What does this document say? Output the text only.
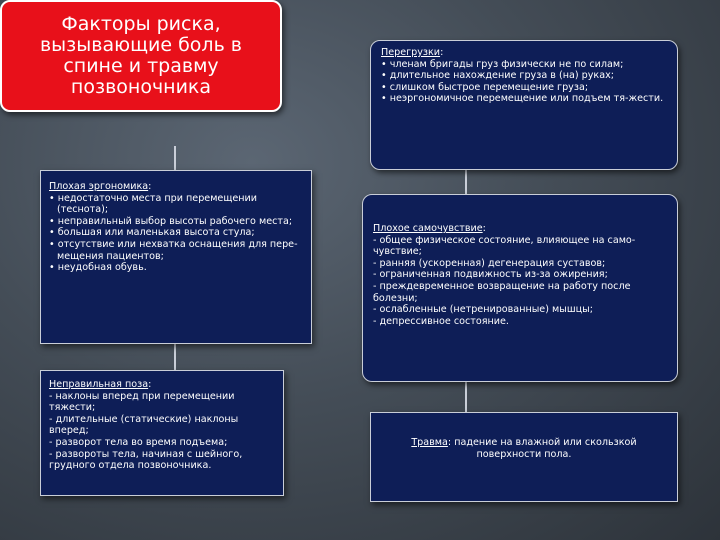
Факторы риска, вызывающие боль в спине и травму позвоночника
Плохая эргономика:
• недостаточно места при перемещении (теснота);
• неправильный выбор высоты рабочего места;
• большая или маленькая высота стула;
• отсутствие или нехватка оснащения для пере-мещения пациентов;
• неудобная обувь.
Неправильная поза:
- наклоны вперед при перемещении тяжести;
- длительные (статические) наклоны вперед;
- разворот тела во время подъема;
- развороты тела, начиная с шейного, грудного отдела позвоночника.
Перегрузки:
• членам бригады груз физически не по силам;
• длительное нахождение груза в (на) руках;
• слишком быстрое перемещение груза;
• неэргономичное перемещение или подъем тя-жести.
Плохое самочувствие:
- общее физическое состояние, влияющее на само-чувствие;
- ранняя (ускоренная) дегенерация суставов;
- ограниченная подвижность из-за ожирения;
- преждевременное возвращение на работу после болезни;
- ослабленные (нетренированные) мышцы;
- депрессивное состояние.
Травма: падение на влажной или скользкой поверхности пола.
